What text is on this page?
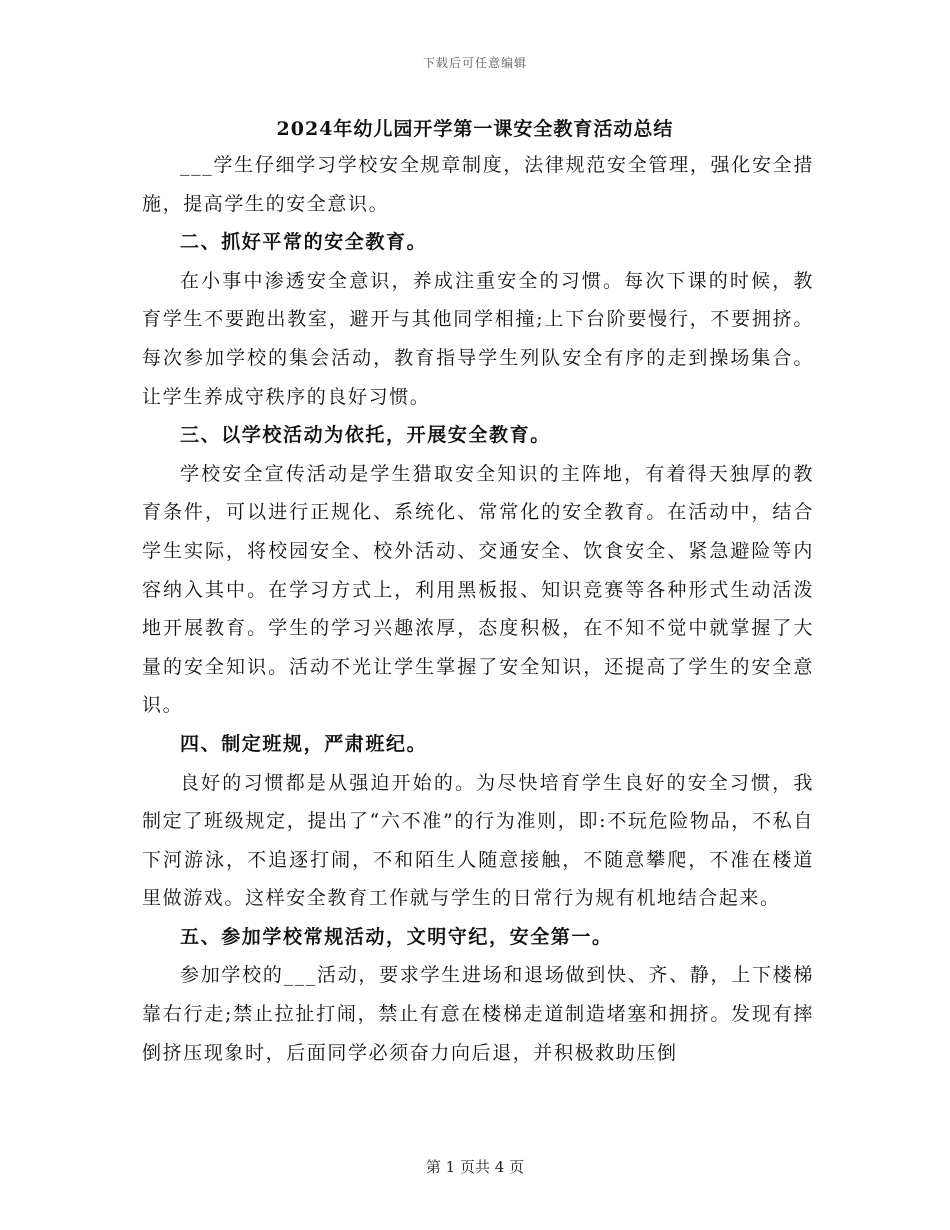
下载后可任意编辑
2024年幼儿园开学第一课安全教育活动总结

___学生仔细学习学校安全规章制度，法律规范安全管理，强化安全措施，提高学生的安全意识。

二、抓好平常的安全教育。

在小事中渗透安全意识，养成注重安全的习惯。每次下课的时候，教育学生不要跑出教室，避开与其他同学相撞;上下台阶要慢行，不要拥挤。每次参加学校的集会活动，教育指导学生列队安全有序的走到操场集合。让学生养成守秩序的良好习惯。

三、以学校活动为依托，开展安全教育。

学校安全宣传活动是学生猎取安全知识的主阵地，有着得天独厚的教育条件，可以进行正规化、系统化、常常化的安全教育。在活动中，结合学生实际，将校园安全、校外活动、交通安全、饮食安全、紧急避险等内容纳入其中。在学习方式上，利用黑板报、知识竞赛等各种形式生动活泼地开展教育。学生的学习兴趣浓厚，态度积极，在不知不觉中就掌握了大量的安全知识。活动不光让学生掌握了安全知识，还提高了学生的安全意识。

四、制定班规，严肃班纪。

良好的习惯都是从强迫开始的。为尽快培育学生良好的安全习惯，我制定了班级规定，提出了“六不准”的行为准则，即:不玩危险物品，不私自下河游泳，不追逐打闹，不和陌生人随意接触，不随意攀爬，不准在楼道里做游戏。这样安全教育工作就与学生的日常行为规有机地结合起来。

五、参加学校常规活动，文明守纪，安全第一。

参加学校的___活动，要求学生进场和退场做到快、齐、静，上下楼梯靠右行走;禁止拉扯打闹，禁止有意在楼梯走道制造堵塞和拥挤。发现有摔倒挤压现象时，后面同学必须奋力向后退，并积极救助压倒

第 1 页共 4 页
